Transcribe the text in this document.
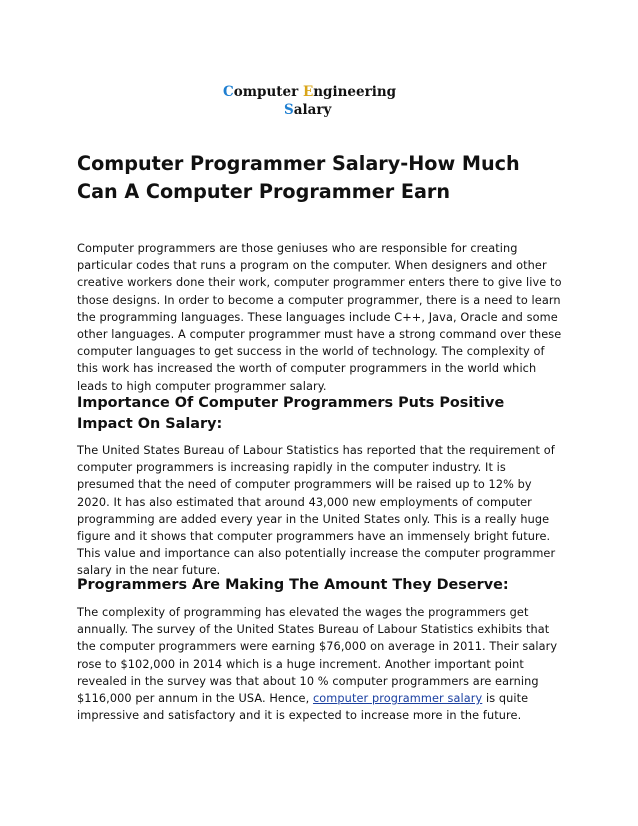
Computer Engineering
Salary
Computer Programmer Salary-How Much
Can A Computer Programmer Earn

Computer programmers are those geniuses who are responsible for creating
particular codes that runs a program on the computer. When designers and other
creative workers done their work, computer programmer enters there to give live to
those designs. In order to become a computer programmer, there is a need to learn
the programming languages. These languages include C++, Java, Oracle and some
other languages. A computer programmer must have a strong command over these
computer languages to get success in the world of technology. The complexity of
this work has increased the worth of computer programmers in the world which
leads to high computer programmer salary.

Importance Of Computer Programmers Puts Positive
Impact On Salary:

The United States Bureau of Labour Statistics has reported that the requirement of
computer programmers is increasing rapidly in the computer industry. It is
presumed that the need of computer programmers will be raised up to 12% by
2020. It has also estimated that around 43,000 new employments of computer
programming are added every year in the United States only. This is a really huge
figure and it shows that computer programmers have an immensely bright future.
This value and importance can also potentially increase the computer programmer
salary in the near future.

Programmers Are Making The Amount They Deserve:

The complexity of programming has elevated the wages the programmers get
annually. The survey of the United States Bureau of Labour Statistics exhibits that
the computer programmers were earning $76,000 on average in 2011. Their salary
rose to $102,000 in 2014 which is a huge increment. Another important point
revealed in the survey was that about 10 % computer programmers are earning
$116,000 per annum in the USA. Hence, computer programmer salary is quite
impressive and satisfactory and it is expected to increase more in the future.
